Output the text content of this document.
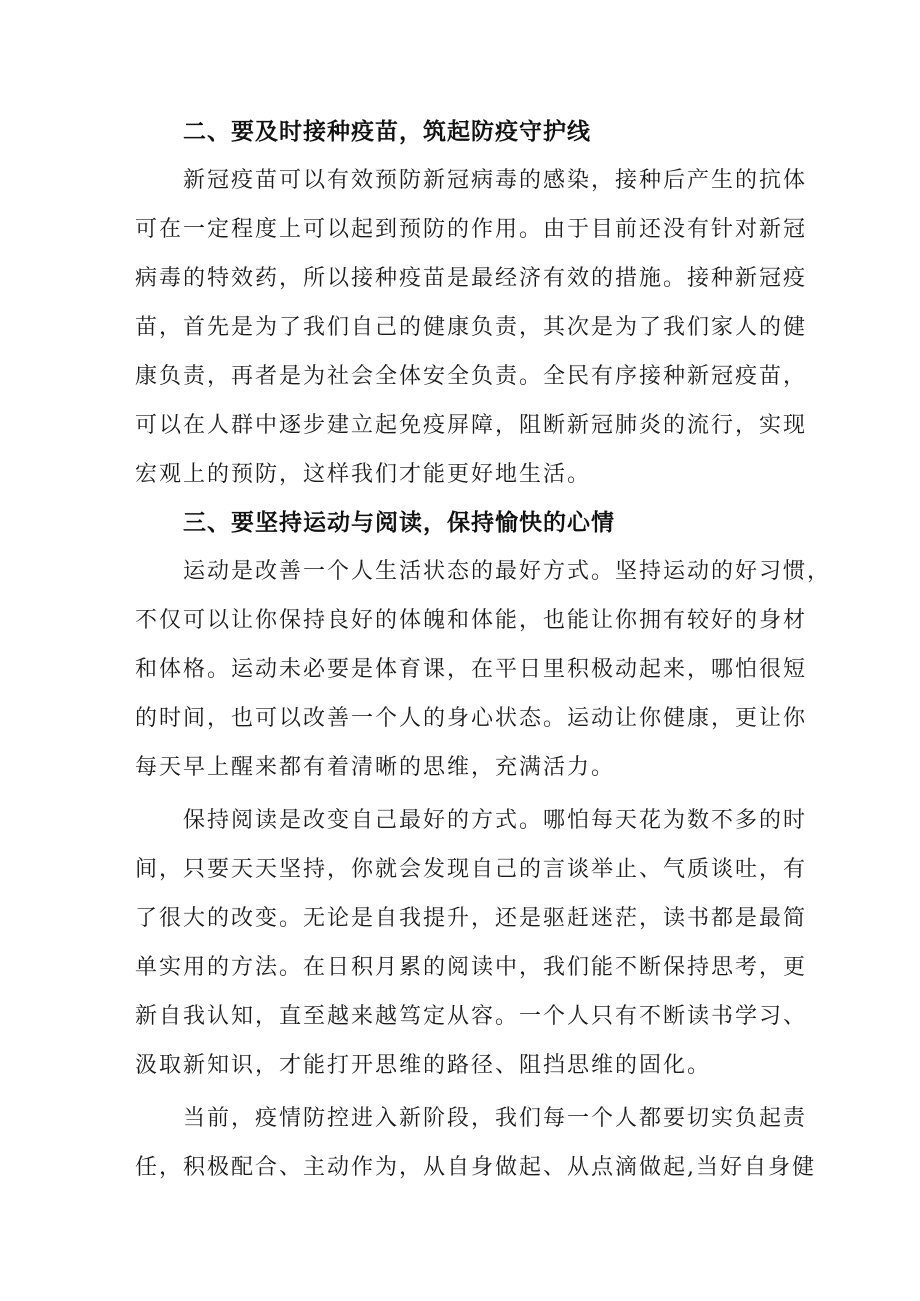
二、要及时接种疫苗，筑起防疫守护线
新冠疫苗可以有效预防新冠病毒的感染，接种后产生的抗体
可在一定程度上可以起到预防的作用。由于目前还没有针对新冠
病毒的特效药，所以接种疫苗是最经济有效的措施。接种新冠疫
苗，首先是为了我们自己的健康负责，其次是为了我们家人的健
康负责，再者是为社会全体安全负责。全民有序接种新冠疫苗，
可以在人群中逐步建立起免疫屏障，阻断新冠肺炎的流行，实现
宏观上的预防，这样我们才能更好地生活。
三、要坚持运动与阅读，保持愉快的心情
运动是改善一个人生活状态的最好方式。坚持运动的好习惯，
不仅可以让你保持良好的体魄和体能，也能让你拥有较好的身材
和体格。运动未必要是体育课，在平日里积极动起来，哪怕很短
的时间，也可以改善一个人的身心状态。运动让你健康，更让你
每天早上醒来都有着清晰的思维，充满活力。
保持阅读是改变自己最好的方式。哪怕每天花为数不多的时
间，只要天天坚持，你就会发现自己的言谈举止、气质谈吐，有
了很大的改变。无论是自我提升，还是驱赶迷茫，读书都是最简
单实用的方法。在日积月累的阅读中，我们能不断保持思考，更
新自我认知，直至越来越笃定从容。一个人只有不断读书学习、
汲取新知识，才能打开思维的路径、阻挡思维的固化。
当前，疫情防控进入新阶段，我们每一个人都要切实负起责
任，积极配合、主动作为，从自身做起、从点滴做起,当好自身健
